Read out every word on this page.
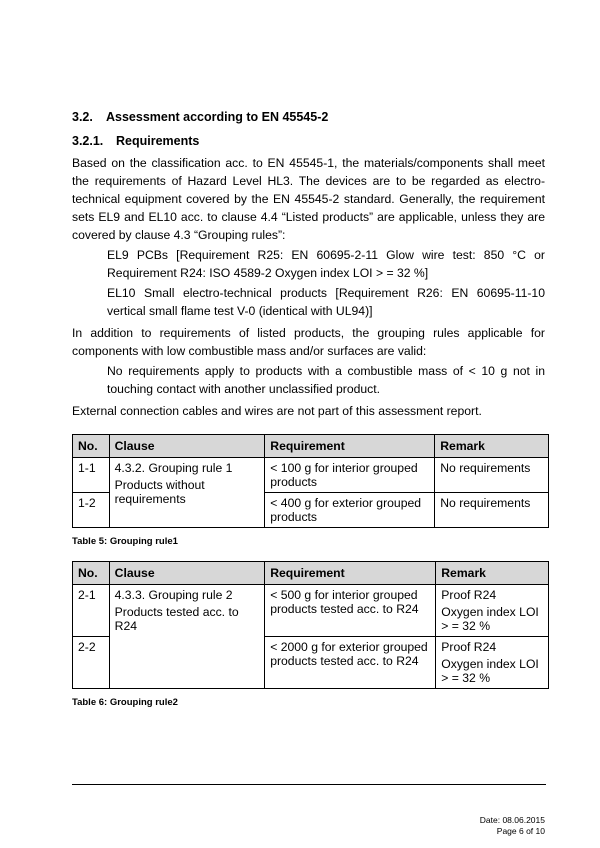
3.2.	Assessment according to EN 45545-2
3.2.1.	Requirements

Based on the classification acc. to EN 45545-1, the materials/components shall meet the requirements of Hazard Level HL3. The devices are to be regarded as electro-technical equipment covered by the EN 45545-2 standard. Generally, the requirement sets EL9 and EL10 acc. to clause 4.4 “Listed products” are applicable, unless they are covered by clause 4.3 “Grouping rules”:

EL9 PCBs [Requirement R25: EN 60695-2-11 Glow wire test: 850 °C or Requirement R24: ISO 4589-2 Oxygen index LOI > = 32 %]
EL10 Small electro-technical products [Requirement R26: EN 60695-11-10 vertical small flame test V-0 (identical with UL94)]

In addition to requirements of listed products, the grouping rules applicable for components with low combustible mass and/or surfaces are valid:

No requirements apply to products with a combustible mass of < 10 g not in touching contact with another unclassified product.

External connection cables and wires are not part of this assessment report.

No.	Clause	Requirement	Remark
1-1	4.3.2. Grouping rule 1
Products without requirements	< 100 g for interior grouped products	No requirements
1-2		< 400 g for exterior grouped products	No requirements

Table 5: Grouping rule1

No.	Clause	Requirement	Remark
2-1	4.3.3. Grouping rule 2
Products tested acc. to R24	< 500 g for interior grouped products tested acc. to R24	Proof R24
Oxygen index LOI > = 32 %

2-2		< 2000 g for exterior grouped products tested acc. to R24	Proof R24
Oxygen index LOI > = 32 %

Table 6: Grouping rule2

Date: 08.06.2015
Page 6 of 10
